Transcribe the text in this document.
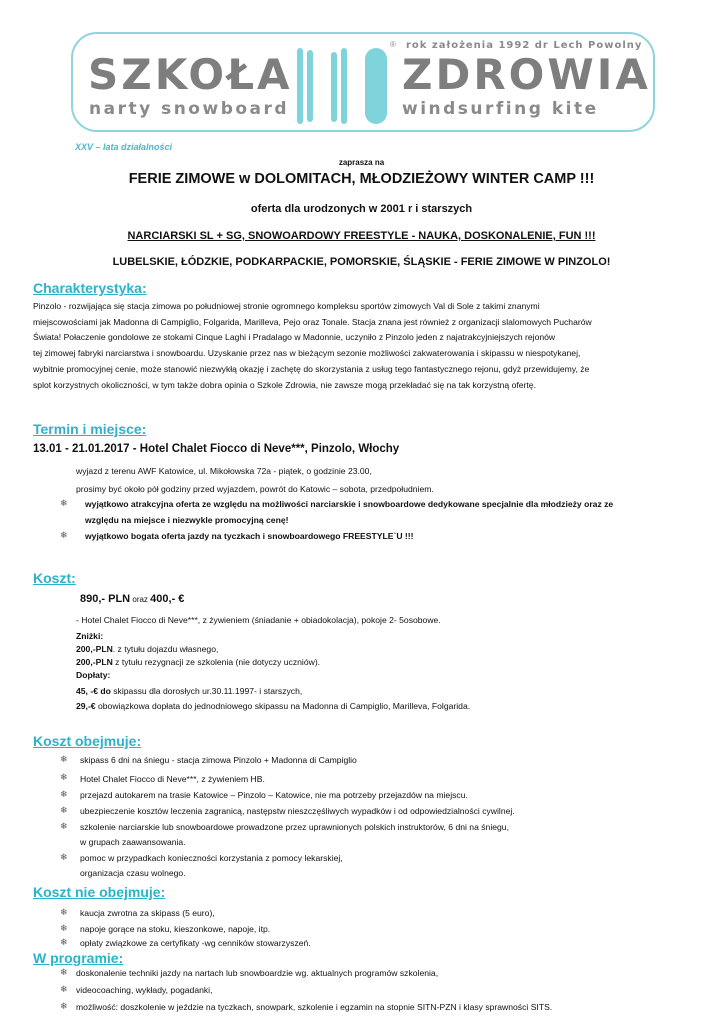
SZKOŁA	ZDROWIA
narty snowboard	windsurfing kite
rok założenia 1992 dr Lech Powolny
®
XXV – lata działalności
zaprasza na
FERIE ZIMOWE w DOLOMITACH, MŁODZIEŻOWY WINTER CAMP !!!
oferta dla urodzonych w 2001 r i starszych
NARCIARSKI SL + SG, SNOWOARDOWY FREESTYLE - NAUKA, DOSKONALENIE, FUN !!!
LUBELSKIE, ŁÓDZKIE, PODKARPACKIE, POMORSKIE, ŚLĄSKIE - FERIE ZIMOWE W PINZOLO!
Charakterystyka:
Pinzolo - rozwijająca się stacja zimowa po południowej stronie ogromnego kompleksu sportów zimowych Val di Sole z takimi znanymi
miejscowościami jak Madonna di Campiglio, Folgarida, Marilleva, Pejo oraz Tonale. Stacja znana jest również z organizacji slalomowych Pucharów
Świata! Połaczenie gondolowe ze stokami Cinque Laghi i Pradalago w Madonnie, uczyniło z Pinzolo jeden z najatrakcyjniejszych rejonów
tej zimowej fabryki narciarstwa i snowboardu. Uzyskanie przez nas w bieżącym sezonie możliwości zakwaterowania i skipassu w niespotykanej,
wybitnie promocyjnej cenie, może stanowić niezwykłą okazję i zachętę do skorzystania z usług tego fantastycznego rejonu, gdyż przewidujemy, że
splot korzystnych okoliczności, w tym także dobra opinia o Szkole Zdrowia, nie zawsze mogą przekładać się na tak korzystną ofertę.
Termin i miejsce:
13.01 - 21.01.2017 - Hotel Chalet Fiocco di Neve***, Pinzolo, Włochy
wyjazd z terenu AWF Katowice, ul. Mikołowska 72a - piątek, o godzinie 23.00,
prosimy być około pół godziny przed wyjazdem, powrót do Katowic – sobota, przedpołudniem.
❄ wyjątkowo atrakcyjna oferta ze względu na możliwości narciarskie i snowboardowe dedykowane specjalnie dla młodzieży oraz ze
względu na miejsce i niezwykle promocyjną cenę!
❄ wyjątkowo bogata oferta jazdy na tyczkach i snowboardowego FREESTYLE`U !!!
Koszt:
890,- PLN oraz 400,- €
- Hotel Chalet Fiocco di Neve***, z żywieniem (śniadanie + obiadokolacja), pokoje 2- 5osobowe.
Zniżki:
200,-PLN. z tytułu dojazdu własnego,
200,-PLN z tytułu rezygnacji ze szkolenia (nie dotyczy uczniów).
Dopłaty:
45, -€ do skipassu dla dorosłych ur.30.11.1997- i starszych,
29,-€ obowiązkowa dopłata do jednodniowego skipassu na Madonna di Campiglio, Marilleva, Folgarida.
Koszt obejmuje:
❄ skipass 6 dni na śniegu - stacja zimowa Pinzolo + Madonna di Campiglio
❄ Hotel Chalet Fiocco di Neve***, z żywieniem HB.
❄ przejazd autokarem na trasie Katowice – Pinzolo – Katowice, nie ma potrzeby przejazdów na miejscu.
❄ ubezpieczenie kosztów leczenia zagranicą, następstw nieszczęśliwych wypadków i od odpowiedzialności cywilnej.
❄ szkolenie narciarskie lub snowboardowe prowadzone przez uprawnionych polskich instruktorów, 6 dni na śniegu,
w grupach zaawansowania.
❄ pomoc w przypadkach konieczności korzystania z pomocy lekarskiej,
organizacja czasu wolnego.
Koszt nie obejmuje:
❄ kaucja zwrotna za skipass (5 euro),
❄ napoje gorące na stoku, kieszonkowe, napoje, itp.
❄ opłaty związkowe za certyfikaty -wg cenników stowarzyszeń.
W programie:
❄ doskonalenie techniki jazdy na nartach lub snowboardzie wg. aktualnych programów szkolenia,
❄ videocoaching, wykłady, pogadanki,
❄ możliwość: doszkolenie w jeździe na tyczkach, snowpark, szkolenie i egzamin na stopnie SITN-PZN i klasy sprawności SITS.
